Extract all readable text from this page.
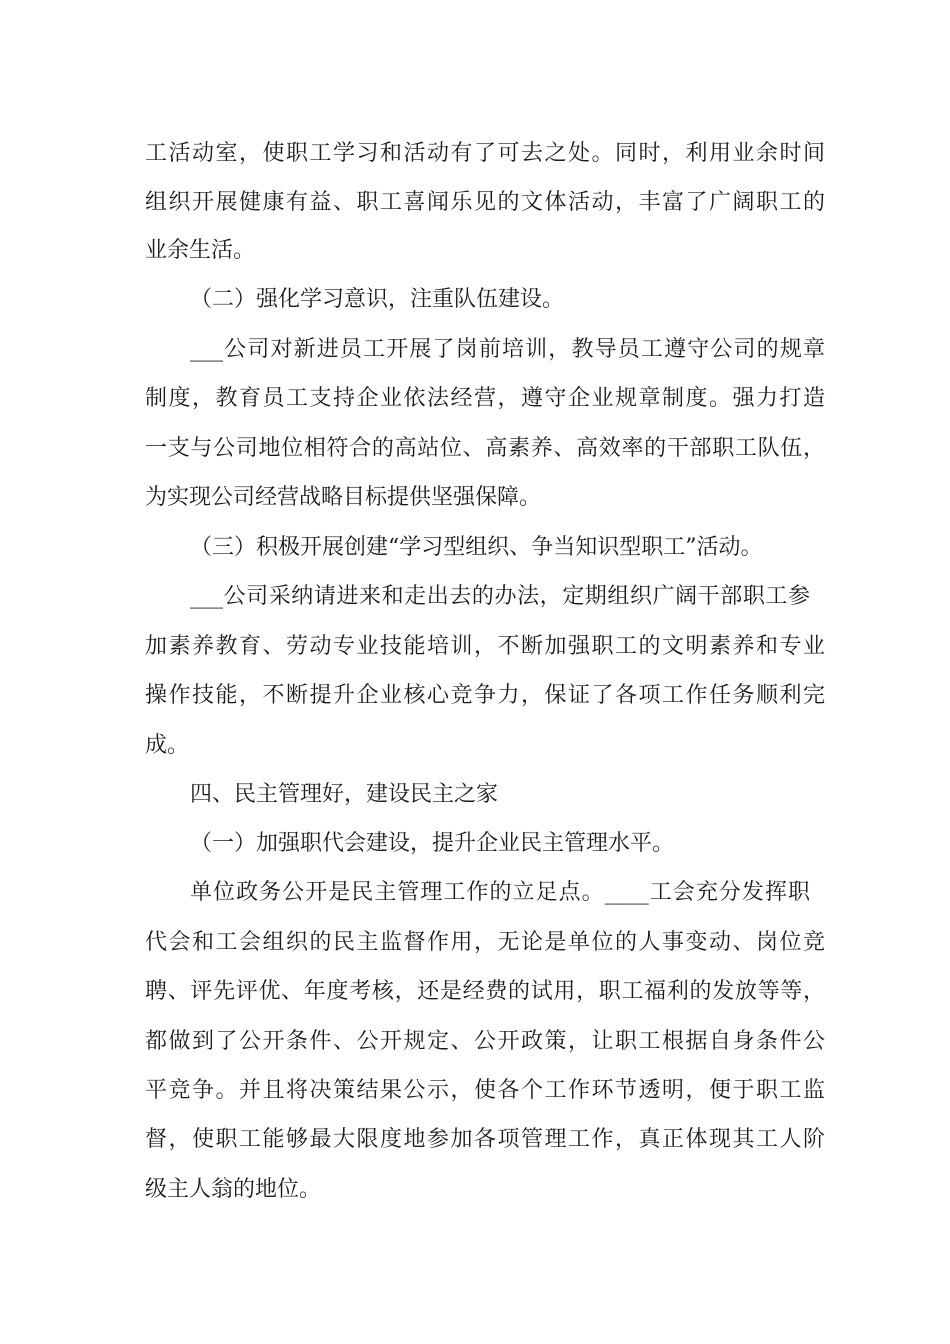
工活动室，使职工学习和活动有了可去之处。同时，利用业余时间
组织开展健康有益、职工喜闻乐见的文体活动，丰富了广阔职工的
业余生活。
（二）强化学习意识，注重队伍建设。
___公司对新进员工开展了岗前培训，教导员工遵守公司的规章
制度，教育员工支持企业依法经营，遵守企业规章制度。强力打造
一支与公司地位相符合的高站位、高素养、高效率的干部职工队伍，
为实现公司经营战略目标提供坚强保障。
（三）积极开展创建“学习型组织、争当知识型职工”活动。
___公司采纳请进来和走出去的办法，定期组织广阔干部职工参
加素养教育、劳动专业技能培训，不断加强职工的文明素养和专业
操作技能，不断提升企业核心竞争力，保证了各项工作任务顺利完
成。
四、民主管理好，建设民主之家
（一）加强职代会建设，提升企业民主管理水平。
单位政务公开是民主管理工作的立足点。____工会充分发挥职
代会和工会组织的民主监督作用，无论是单位的人事变动、岗位竞
聘、评先评优、年度考核，还是经费的试用，职工福利的发放等等，
都做到了公开条件、公开规定、公开政策，让职工根据自身条件公
平竞争。并且将决策结果公示，使各个工作环节透明，便于职工监
督，使职工能够最大限度地参加各项管理工作，真正体现其工人阶
级主人翁的地位。
